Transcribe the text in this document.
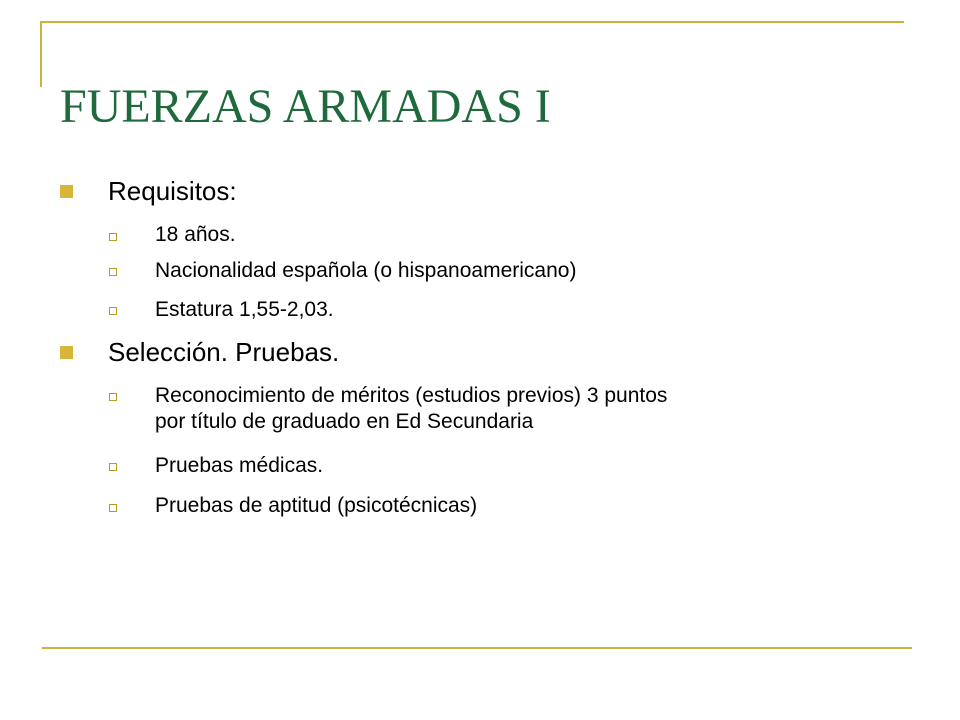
FUERZAS ARMADAS I
Requisitos:
18 años.
Nacionalidad española (o hispanoamericano)
Estatura 1,55-2,03.
Selección. Pruebas.
Reconocimiento de méritos (estudios previos) 3 puntos
por título de graduado en Ed Secundaria
Pruebas médicas.
Pruebas de aptitud (psicotécnicas)
